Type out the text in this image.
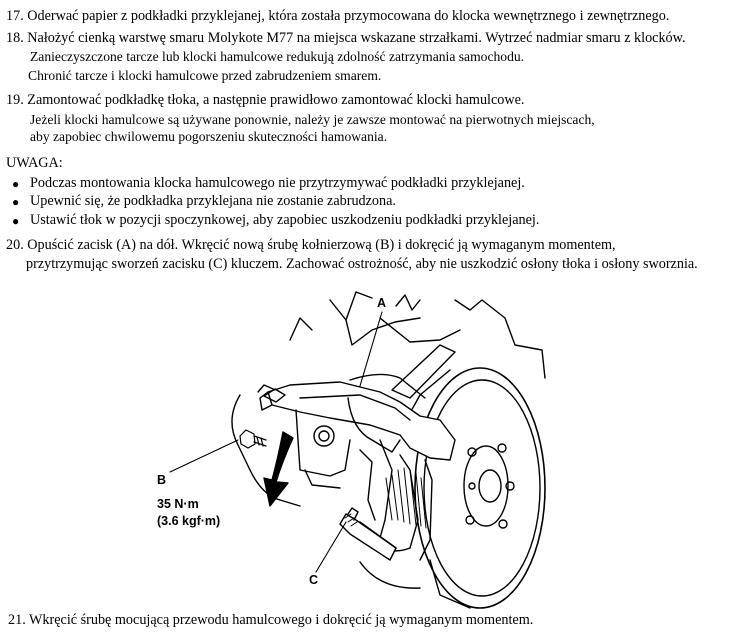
17. Oderwać papier z podkładki przyklejanej, która została przymocowana do klocka wewnętrznego i zewnętrznego.
18. Nałożyć cienką warstwę smaru Molykote M77 na miejsca wskazane strzałkami. Wytrzeć nadmiar smaru z klocków.
Zanieczyszczone tarcze lub klocki hamulcowe redukują zdolność zatrzymania samochodu.
Chronić tarcze i klocki hamulcowe przed zabrudzeniem smarem.
19. Zamontować podkładkę tłoka, a następnie prawidłowo zamontować klocki hamulcowe.
Jeżeli klocki hamulcowe są używane ponownie, należy je zawsze montować na pierwotnych miejscach,
aby zapobiec chwilowemu pogorszeniu skuteczności hamowania.
UWAGA:
● Podczas montowania klocka hamulcowego nie przytrzymywać podkładki przyklejanej.
● Upewnić się, że podkładka przyklejana nie zostanie zabrudzona.
● Ustawić tłok w pozycji spoczynkowej, aby zapobiec uszkodzeniu podkładki przyklejanej.
20. Opuścić zacisk (A) na dół. Wkręcić nową śrubę kołnierzową (B) i dokręcić ją wymaganym momentem,
przytrzymując sworzeń zacisku (C) kluczem. Zachować ostrożność, aby nie uszkodzić osłony tłoka i osłony sworznia.
A
B
35 N·m
(3.6 kgf·m)
C
21. Wkręcić śrubę mocującą przewodu hamulcowego i dokręcić ją wymaganym momentem.
